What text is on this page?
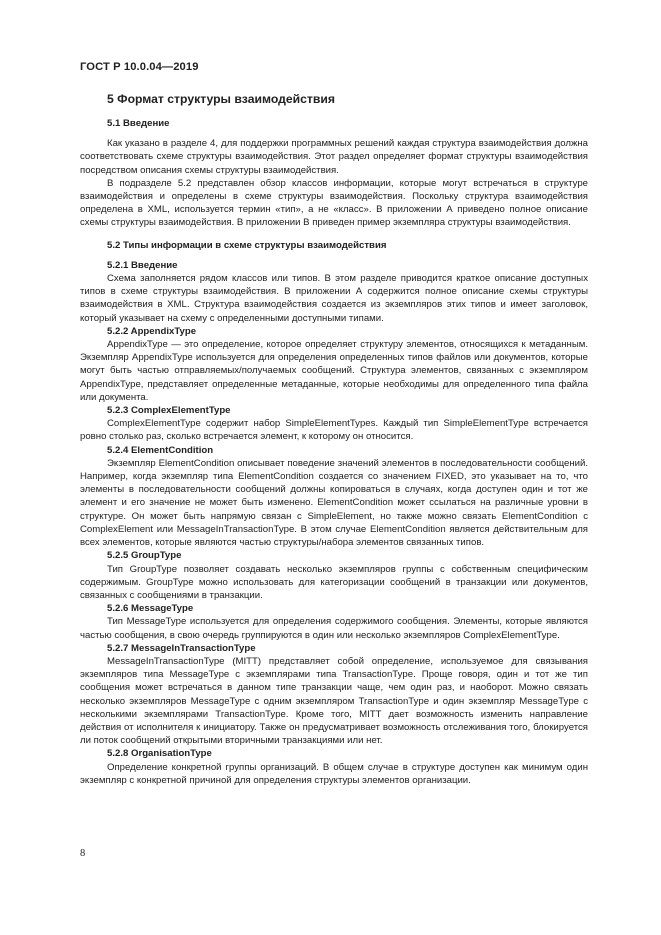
ГОСТ Р 10.0.04—2019
5 Формат структуры взаимодействия
5.1 Введение

Как указано в разделе 4, для поддержки программных решений каждая структура взаимодействия должна соответствовать схеме структуры взаимодействия. Этот раздел определяет формат структуры взаимодействия посредством описания схемы структуры взаимодействия.

В подразделе 5.2 представлен обзор классов информации, которые могут встречаться в структуре взаимодействия и определены в схеме структуры взаимодействия. Поскольку структура взаимодействия определена в XML, используется термин «тип», а не «класс». В приложении А приведено полное описание схемы структуры взаимодействия. В приложении В приведен пример экземпляра структуры взаимодействия.

5.2 Типы информации в схеме структуры взаимодействия
5.2.1 Введение

Схема заполняется рядом классов или типов. В этом разделе приводится краткое описание доступных типов в схеме структуры взаимодействия. В приложении А содержится полное описание схемы структуры взаимодействия в XML. Структура взаимодействия создается из экземпляров этих типов и имеет заголовок, который указывает на схему с определенными доступными типами.

5.2.2 AppendixType

AppendixType — это определение, которое определяет структуру элементов, относящихся к метаданным. Экземпляр AppendixType используется для определения определенных типов файлов или документов, которые могут быть частью отправляемых/получаемых сообщений. Структура элементов, связанных с экземпляром AppendixType, представляет определенные метаданные, которые необходимы для определенного типа файла или документа.

5.2.3 ComplexElementType

ComplexElementType содержит набор SimpleElementTypes. Каждый тип SimpleElementType встречается ровно столько раз, сколько встречается элемент, к которому он относится.

5.2.4 ElementCondition

Экземпляр ElementCondition описывает поведение значений элементов в последовательности сообщений. Например, когда экземпляр типа ElementCondition создается со значением FIXED, это указывает на то, что элементы в последовательности сообщений должны копироваться в случаях, когда доступен один и тот же элемент и его значение не может быть изменено. ElementCondition может ссылаться на различные уровни в структуре. Он может быть напрямую связан с SimpleElement, но также можно связать ElementCondition с ComplexElement или MessageInTransactionType. В этом случае ElementCondition является действительным для всех элементов, которые являются частью структуры/набора элементов связанных типов.

5.2.5 GroupType

Тип GroupType позволяет создавать несколько экземпляров группы с собственным специфическим содержимым. GroupType можно использовать для категоризации сообщений в транзакции или документов, связанных с сообщениями в транзакции.

5.2.6 MessageType

Тип MessageType используется для определения содержимого сообщения. Элементы, которые являются частью сообщения, в свою очередь группируются в один или несколько экземпляров ComplexElementType.

5.2.7 MessageInTransactionType

MessageInTransactionType (MITT) представляет собой определение, используемое для связывания экземпляров типа MessageType с экземплярами типа TransactionType. Проще говоря, один и тот же тип сообщения может встречаться в данном типе транзакции чаще, чем один раз, и наоборот. Можно связать несколько экземпляров MessageType с одним экземпляром TransactionType и один экземпляр MessageType с несколькими экземплярами TransactionType. Кроме того, MITT дает возможность изменить направление действия от исполнителя к инициатору. Также он предусматривает возможность отслеживания того, блокируется ли поток сообщений открытыми вторичными транзакциями или нет.

5.2.8 OrganisationType

Определение конкретной группы организаций. В общем случае в структуре доступен как минимум один экземпляр с конкретной причиной для определения структуры элементов организации.

8
